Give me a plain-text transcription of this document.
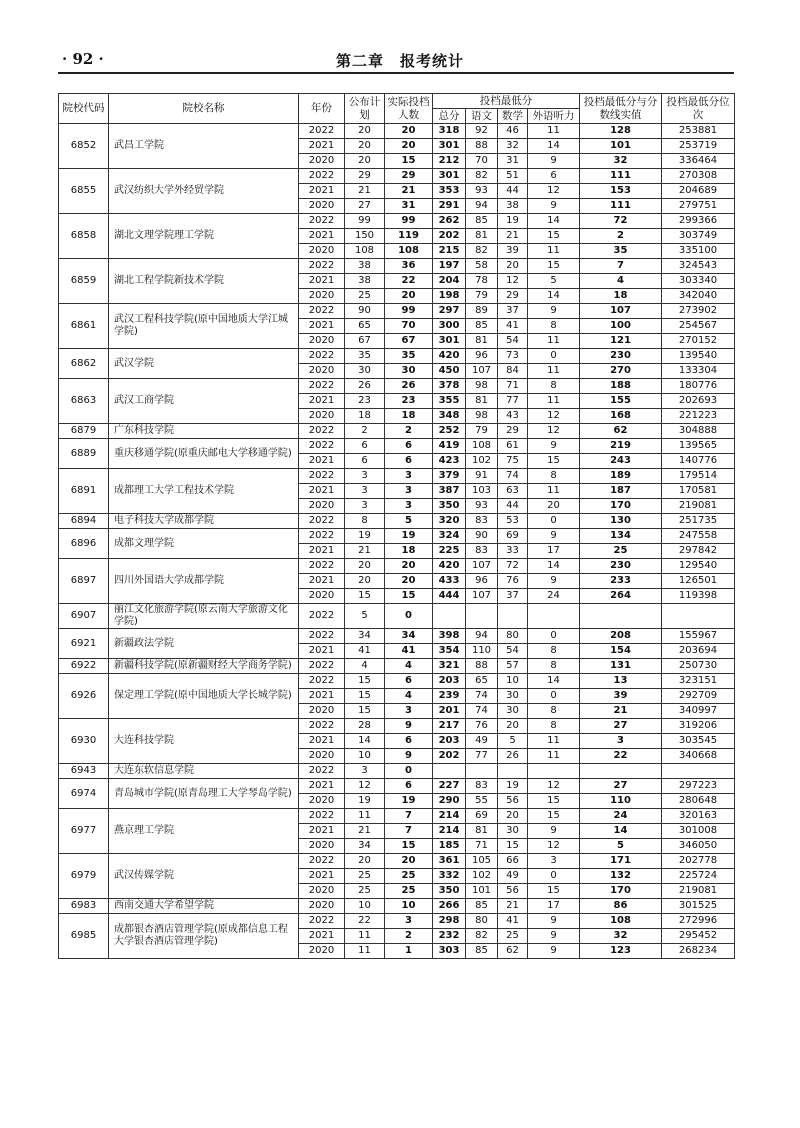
· 92 ·	第二章　报考统计
院校代码	院校名称	年份	公布计划	实际投档人数	投档最低分				投档最低分与分数线实值	投档最低分位次
					总分	语文	数学	外语听力		
6852	武昌工学院	2022	20	20	318	92	46	11	128	253881
		2021	20	20	301	88	32	14	101	253719
		2020	20	15	212	70	31	9	32	336464
6855	武汉纺织大学外经贸学院	2022	29	29	301	82	51	6	111	270308
		2021	21	21	353	93	44	12	153	204689
		2020	27	31	291	94	38	9	111	279751
6858	湖北文理学院理工学院	2022	99	99	262	85	19	14	72	299366
		2021	150	119	202	81	21	15	2	303749
		2020	108	108	215	82	39	11	35	335100
6859	湖北工程学院新技术学院	2022	38	36	197	58	20	15	7	324543
		2021	38	22	204	78	12	5	4	303340
		2020	25	20	198	79	29	14	18	342040
6861	武汉工程科技学院(原中国地质大学江城学院)	2022	90	99	297	89	37	9	107	273902
		2021	65	70	300	85	41	8	100	254567
		2020	67	67	301	81	54	11	121	270152
6862	武汉学院	2022	35	35	420	96	73	0	230	139540
		2020	30	30	450	107	84	11	270	133304
6863	武汉工商学院	2022	26	26	378	98	71	8	188	180776
		2021	23	23	355	81	77	11	155	202693
		2020	18	18	348	98	43	12	168	221223
6879	广东科技学院	2022	2	2	252	79	29	12	62	304888
6889	重庆移通学院(原重庆邮电大学移通学院)	2022	6	6	419	108	61	9	219	139565
		2021	6	6	423	102	75	15	243	140776
6891	成都理工大学工程技术学院	2022	3	3	379	91	74	8	189	179514
		2021	3	3	387	103	63	11	187	170581
		2020	3	3	350	93	44	20	170	219081
6894	电子科技大学成都学院	2022	8	5	320	83	53	0	130	251735
6896	成都文理学院	2022	19	19	324	90	69	9	134	247558
		2021	21	18	225	83	33	17	25	297842
6897	四川外国语大学成都学院	2022	20	20	420	107	72	14	230	129540
		2021	20	20	433	96	76	9	233	126501
		2020	15	15	444	107	37	24	264	119398
6907	丽江文化旅游学院(原云南大学旅游文化学院)	2022	5	0						
6921	新疆政法学院	2022	34	34	398	94	80	0	208	155967
		2021	41	41	354	110	54	8	154	203694
6922	新疆科技学院(原新疆财经大学商务学院)	2022	4	4	321	88	57	8	131	250730
6926	保定理工学院(原中国地质大学长城学院)	2022	15	6	203	65	10	14	13	323151
		2021	15	4	239	74	30	0	39	292709
		2020	15	3	201	74	30	8	21	340997
6930	大连科技学院	2022	28	9	217	76	20	8	27	319206
		2021	14	6	203	49	5	11	3	303545
		2020	10	9	202	77	26	11	22	340668
6943	大连东软信息学院	2022	3	0						
6974	青岛城市学院(原青岛理工大学琴岛学院)	2021	12	6	227	83	19	12	27	297223
		2020	19	19	290	55	56	15	110	280648
6977	燕京理工学院	2022	11	7	214	69	20	15	24	320163
		2021	21	7	214	81	30	9	14	301008
		2020	34	15	185	71	15	12	5	346050
6979	武汉传媒学院	2022	20	20	361	105	66	3	171	202778
		2021	25	25	332	102	49	0	132	225724
		2020	25	25	350	101	56	15	170	219081
6983	西南交通大学希望学院	2020	10	10	266	85	21	17	86	301525
6985	成都银杏酒店管理学院(原成都信息工程大学银杏酒店管理学院)	2022	22	3	298	80	41	9	108	272996
		2021	11	2	232	82	25	9	32	295452
		2020	11	1	303	85	62	9	123	268234
